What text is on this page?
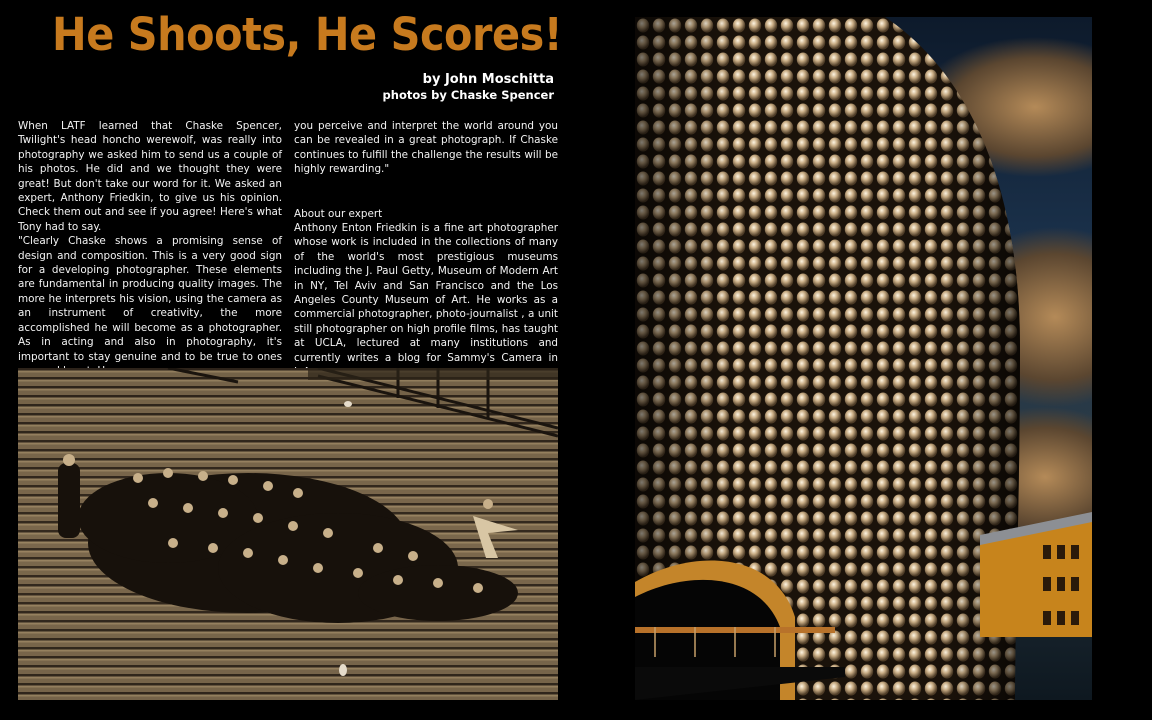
He Shoots, He Scores!
by John Moschitta
photos by Chaske Spencer

When LATF learned that Chaske Spencer, Twilight's head honcho werewolf, was really into photography we asked him to send us a couple of his photos. He did and we thought they were great! But don't take our word for it. We asked an expert, Anthony Friedkin, to give us his opinion. Check them out and see if you agree! Here's what Tony had to say.

"Clearly Chaske shows a promising sense of design and composition. This is a very good sign for a developing photographer. These elements are fundamental in producing quality images. The more he interprets his vision, using the camera as an instrument of creativity, the more accomplished he will become as a photographer. As in acting and also in photography, it's important to stay genuine and to be true to ones

you perceive and interpret the world around you can be revealed in a great photograph. If Chaske continues to fulfill the challenge the results will be highly rewarding."

About our expert

Anthony Enton Friedkin is a fine art photographer whose work is included in the collections of many of the world's most prestigious museums including the J. Paul Getty, Museum of Modern Art in NY, Tel Aviv and San Francisco and the Los Angeles County Museum of Art. He works as a commercial photographer, photo-journalist , a unit still photographer on high profile films, has taught at UCLA, lectured at many institutions and currently writes a blog for Sammy's Camera in
